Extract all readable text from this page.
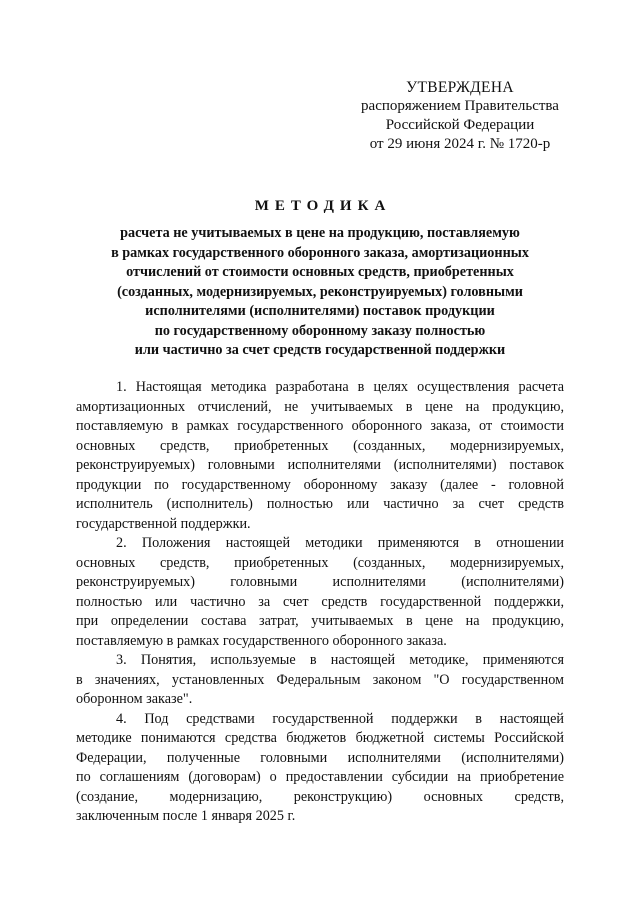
УТВЕРЖДЕНА
распоряжением Правительства
Российской Федерации
от 29 июня 2024 г. № 1720-р
МЕТОДИКА
расчета не учитываемых в цене на продукцию, поставляемую
в рамках государственного оборонного заказа, амортизационных
отчислений от стоимости основных средств, приобретенных
(созданных, модернизируемых, реконструируемых) головными
исполнителями (исполнителями) поставок продукции
по государственному оборонному заказу полностью
или частично за счет средств государственной поддержки
1. Настоящая методика разработана в целях осуществления расчета
амортизационных отчислений, не учитываемых в цене на продукцию,
поставляемую в рамках государственного оборонного заказа, от стоимости
основных средств, приобретенных (созданных, модернизируемых,
реконструируемых) головными исполнителями (исполнителями) поставок
продукции по государственному оборонному заказу (далее - головной
исполнитель (исполнитель) полностью или частично за счет средств
государственной поддержки.
2. Положения настоящей методики применяются в отношении
основных средств, приобретенных (созданных, модернизируемых,
реконструируемых) головными исполнителями (исполнителями)
полностью или частично за счет средств государственной поддержки,
при определении состава затрат, учитываемых в цене на продукцию,
поставляемую в рамках государственного оборонного заказа.
3. Понятия, используемые в настоящей методике, применяются
в значениях, установленных Федеральным законом "О государственном
оборонном заказе".
4. Под средствами государственной поддержки в настоящей
методике понимаются средства бюджетов бюджетной системы Российской
Федерации, полученные головными исполнителями (исполнителями)
по соглашениям (договорам) о предоставлении субсидии на приобретение
(создание, модернизацию, реконструкцию) основных средств,
заключенным после 1 января 2025 г.
